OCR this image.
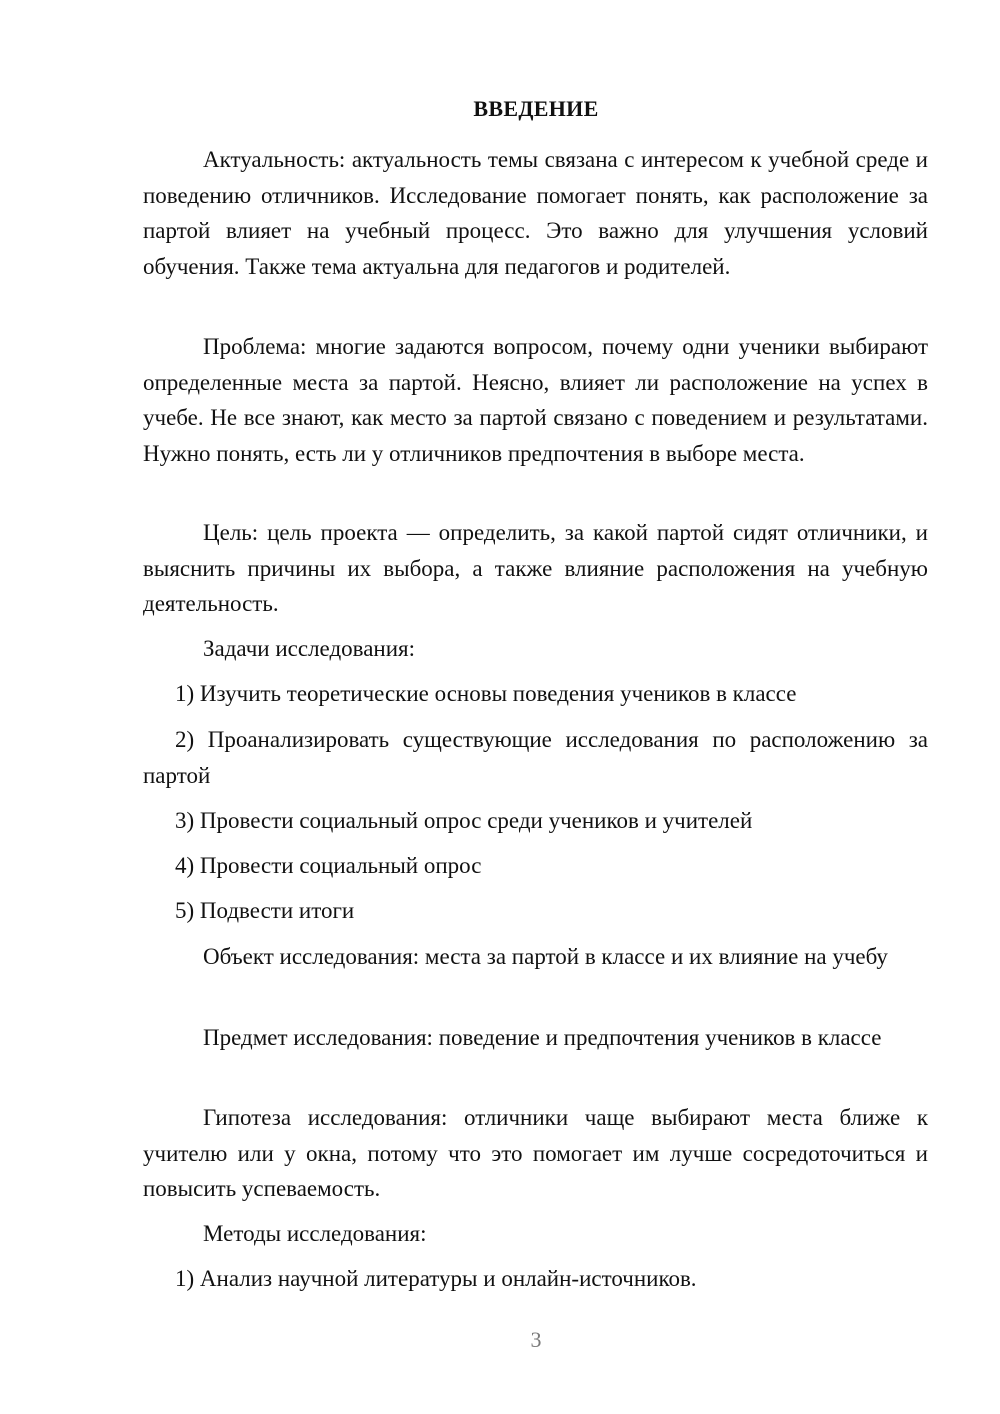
ВВЕДЕНИЕ

Актуальность: актуальность темы связана с интересом к учебной среде и поведению отличников. Исследование помогает понять, как расположение за партой влияет на учебный процесс. Это важно для улучшения условий обучения. Также тема актуальна для педагогов и родителей.

Проблема: многие задаются вопросом, почему одни ученики выбирают определенные места за партой. Неясно, влияет ли расположение на успех в учебе. Не все знают, как место за партой связано с поведением и результатами. Нужно понять, есть ли у отличников предпочтения в выборе места.

Цель: цель проекта — определить, за какой партой сидят отличники, и выяснить причины их выбора, а также влияние расположения на учебную деятельность.

Задачи исследования:

1) Изучить теоретические основы поведения учеников в классе

2) Проанализировать существующие исследования по расположению за партой

3) Провести социальный опрос среди учеников и учителей

4) Провести социальный опрос

5) Подвести итоги

Объект исследования: места за партой в классе и их влияние на учебу

Предмет исследования: поведение и предпочтения учеников в классе

Гипотеза исследования: отличники чаще выбирают места ближе к учителю или у окна, потому что это помогает им лучше сосредоточиться и повысить успеваемость.

Методы исследования:

1) Анализ научной литературы и онлайн-источников.

3
